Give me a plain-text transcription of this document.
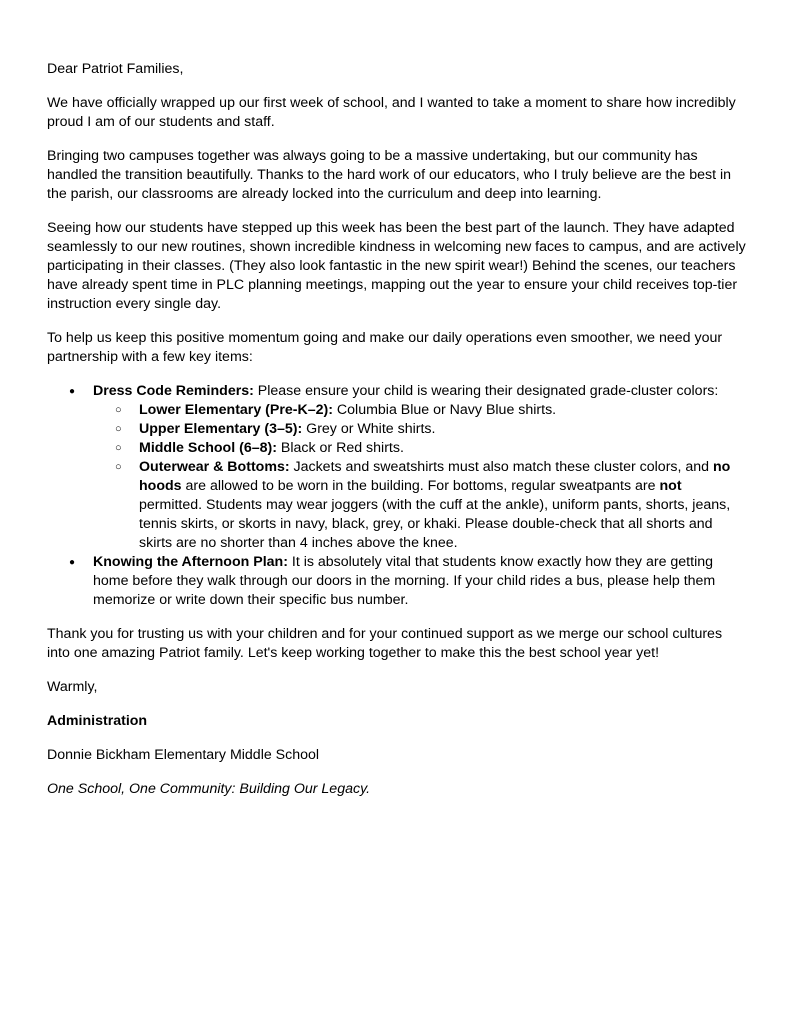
Dear Patriot Families,

We have officially wrapped up our first week of school, and I wanted to take a moment to share how incredibly proud I am of our students and staff.

Bringing two campuses together was always going to be a massive undertaking, but our community has handled the transition beautifully. Thanks to the hard work of our educators, who I truly believe are the best in the parish, our classrooms are already locked into the curriculum and deep into learning.

Seeing how our students have stepped up this week has been the best part of the launch. They have adapted seamlessly to our new routines, shown incredible kindness in welcoming new faces to campus, and are actively participating in their classes. (They also look fantastic in the new spirit wear!) Behind the scenes, our teachers have already spent time in PLC planning meetings, mapping out the year to ensure your child receives top-tier instruction every single day.

To help us keep this positive momentum going and make our daily operations even smoother, we need your partnership with a few key items:

● Dress Code Reminders: Please ensure your child is wearing their designated grade-cluster colors:
○ Lower Elementary (Pre-K–2): Columbia Blue or Navy Blue shirts.
○ Upper Elementary (3–5): Grey or White shirts.
○ Middle School (6–8): Black or Red shirts.
○ Outerwear & Bottoms: Jackets and sweatshirts must also match these cluster colors, and no hoods are allowed to be worn in the building. For bottoms, regular sweatpants are not permitted. Students may wear joggers (with the cuff at the ankle), uniform pants, shorts, jeans, tennis skirts, or skorts in navy, black, grey, or khaki. Please double-check that all shorts and skirts are no shorter than 4 inches above the knee.
● Knowing the Afternoon Plan: It is absolutely vital that students know exactly how they are getting home before they walk through our doors in the morning. If your child rides a bus, please help them memorize or write down their specific bus number.

Thank you for trusting us with your children and for your continued support as we merge our school cultures into one amazing Patriot family. Let's keep working together to make this the best school year yet!

Warmly,

Administration

Donnie Bickham Elementary Middle School

One School, One Community: Building Our Legacy.
